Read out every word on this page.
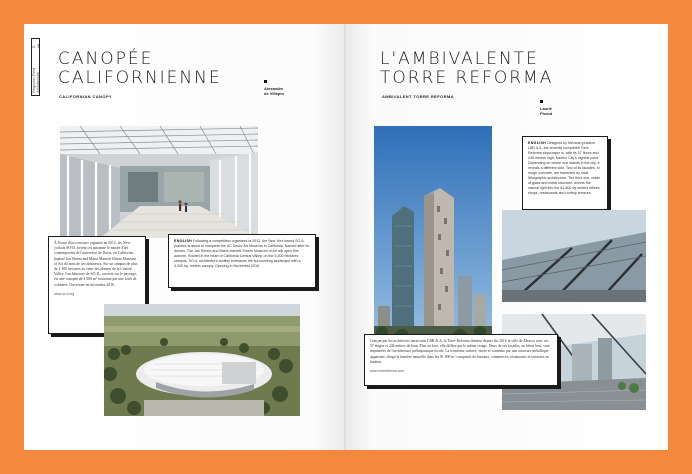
2-30
Regional Field · Architecture
CANOPÉE
CALIFORNIENNE
CALIFORNIAN CANOPY
Alexandre
de Villepin
À l'issue d'un concours organisé en 2012, les New-yorkais SO-IL livrent cet automne le musée d'art contemporain de l'université de Davis, en Californie, baptisé Jan Shrem and Maria Manetti Shrem Museum of Art du nom de ses donateurs. Sur un campus de plus de 2 300 hectares au cœur des plaines de la Central Valley, l'architecture de SO-IL, ouverte sur le paysage, est une canopée de 4 000 m² soutenue par une forêt de colonnes. Ouverture en novembre 2016.
www.so-il.org
ENGLISH Following a competition organized in 2012, the New York based SO-IL practice is about to complete the UC Davis' Art Museum in California. Named after its donors, The Jan Shrem and Maria Manetti Shrem Museum of Art will open this autumn. Rooted in the heart of California Central Valley, on the 5,300 hectares campus, SO-IL architecture audibly embraces the surrounding landscape with a 4,000 sq. meters canopy. Opening in November 2016.
L'AMBIVALENTE
TORRE REFORMA
AMBIVALENT TORRE REFORMA
Laurie
Picout
ENGLISH Designed by Mexican practice LBR & A, the recently completed Torre Reforma skyscraper is, with its 57 floors and 246 meters high, Mexico City's highest point. Depending on where one stands in the city, it reveals a different side. Two of its facades, in rough concrete, are traversed by local lithographic architecture. The third one, made of glass and metal structure, directs the natural light into the 81,800 sq.meters offices, shops, restaurants and rooftop terraces.
Conçue par les architectes mexicains LBR & A, la Torre Reforma domine depuis fin 2016 la ville de Mexico avec ses 57 étages et 246 mètres de haut. Plus ou face, elle diffère par le même visage. Deux de ses façades, en béton brut, sont imprimées de l'architecture préhispanique locale. La troisième surface, vitrée et soutenue par une structure métallique apparente, dirige la lumière naturelle dans les 81 800 m² composés de bureaux, commerces, restaurants et terrasses en hauteur.
www.torrereforma.com
